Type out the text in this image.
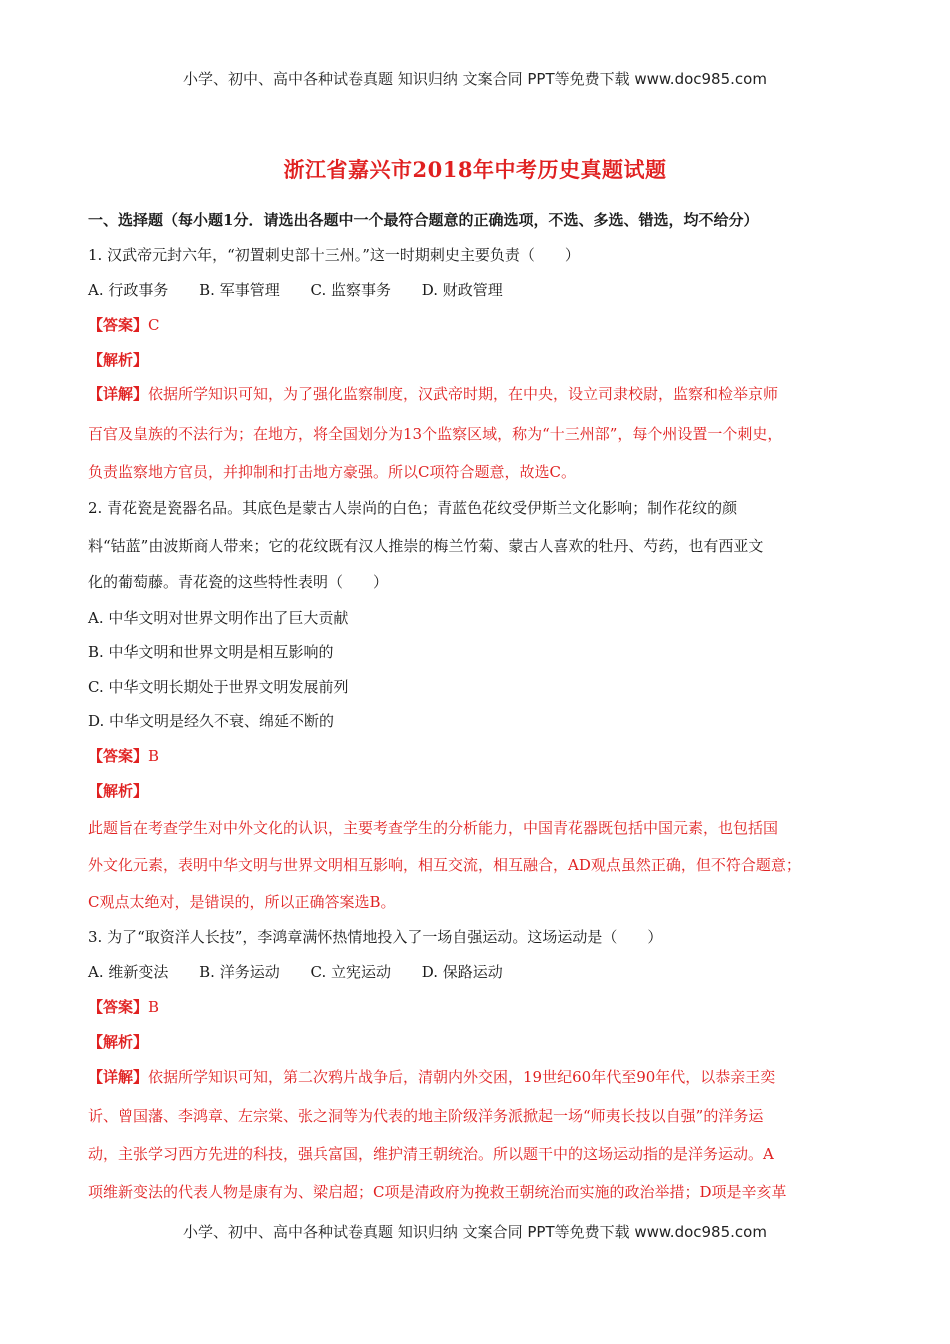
小学、初中、高中各种试卷真题 知识归纳 文案合同 PPT等免费下载 www.doc985.com
浙江省嘉兴市2018年中考历史真题试题
一、选择题（每小题1分．请选出各题中一个最符合题意的正确选项，不选、多选、错选，均不给分）
1. 汉武帝元封六年，“初置刺史部十三州。”这一时期刺史主要负责（　　）
A. 行政事务 B. 军事管理 C. 监察事务 D. 财政管理
【答案】C
【解析】
【详解】依据所学知识可知，为了强化监察制度，汉武帝时期，在中央，设立司隶校尉，监察和检举京师
百官及皇族的不法行为；在地方，将全国划分为13个监察区域，称为“十三州部”，每个州设置一个刺史，
负责监察地方官员，并抑制和打击地方豪强。所以C项符合题意，故选C。
2. 青花瓷是瓷器名品。其底色是蒙古人崇尚的白色；青蓝色花纹受伊斯兰文化影响；制作花纹的颜
料“钴蓝”由波斯商人带来；它的花纹既有汉人推崇的梅兰竹菊、蒙古人喜欢的牡丹、芍药，也有西亚文
化的葡萄藤。青花瓷的这些特性表明（　　）
A. 中华文明对世界文明作出了巨大贡献
B. 中华文明和世界文明是相互影响的
C. 中华文明长期处于世界文明发展前列
D. 中华文明是经久不衰、绵延不断的
【答案】B
【解析】
此题旨在考查学生对中外文化的认识，主要考查学生的分析能力，中国青花器既包括中国元素，也包括国
外文化元素，表明中华文明与世界文明相互影响，相互交流，相互融合，AD观点虽然正确，但不符合题意；
C观点太绝对，是错误的，所以正确答案选B。
3. 为了“取资洋人长技”，李鸿章满怀热情地投入了一场自强运动。这场运动是（　　）
A. 维新变法 B. 洋务运动 C. 立宪运动 D. 保路运动
【答案】B
【解析】
【详解】依据所学知识可知，第二次鸦片战争后，清朝内外交困，19世纪60年代至90年代，以恭亲王奕
䜣、曾国藩、李鸿章、左宗棠、张之洞等为代表的地主阶级洋务派掀起一场“师夷长技以自强”的洋务运
动，主张学习西方先进的科技，强兵富国，维护清王朝统治。所以题干中的这场运动指的是洋务运动。A
项维新变法的代表人物是康有为、梁启超；C项是清政府为挽救王朝统治而实施的政治举措；D项是辛亥革
小学、初中、高中各种试卷真题 知识归纳 文案合同 PPT等免费下载 www.doc985.com
